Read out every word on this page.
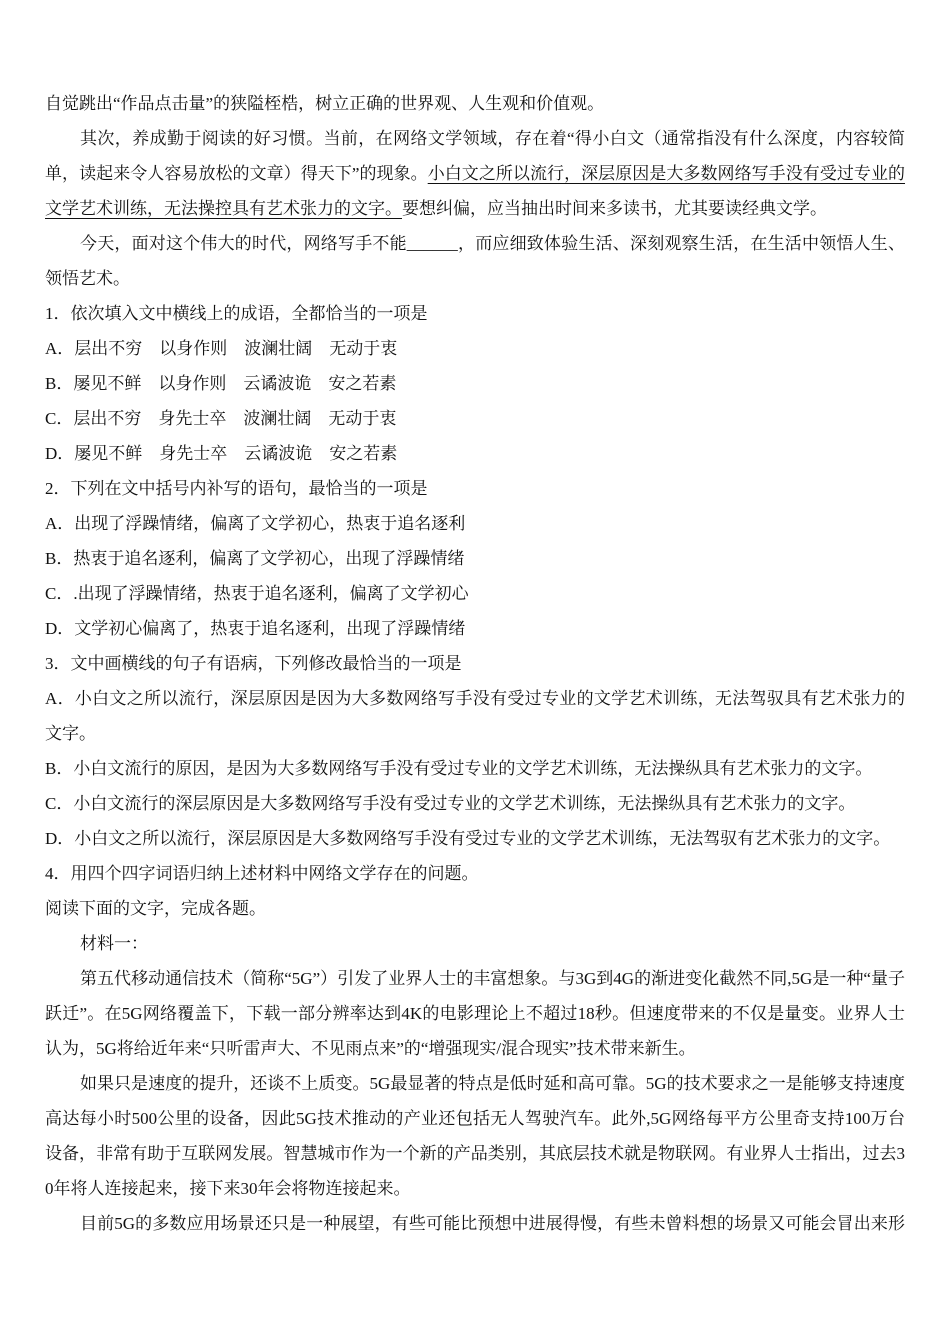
自觉跳出“作品点击量”的狭隘桎梏，树立正确的世界观、人生观和价值观。

其次，养成勤于阅读的好习惯。当前，在网络文学领域，存在着“得小白文（通常指没有什么深度，内容较简单，读起来令人容易放松的文章）得天下”的现象。小白文之所以流行，深层原因是大多数网络写手没有受过专业的文学艺术训练，无法操控具有艺术张力的文字。要想纠偏，应当抽出时间来多读书，尤其要读经典文学。

今天，面对这个伟大的时代，网络写手不能______，而应细致体验生活、深刻观察生活，在生活中领悟人生、领悟艺术。

1．依次填入文中横线上的成语，全都恰当的一项是

A．层出不穷　以身作则　波澜壮阔　无动于衷

B．屡见不鲜　以身作则　云谲波诡　安之若素

C．层出不穷　身先士卒　波澜壮阔　无动于衷

D．屡见不鲜　身先士卒　云谲波诡　安之若素

2．下列在文中括号内补写的语句，最恰当的一项是

A．出现了浮躁情绪，偏离了文学初心，热衷于追名逐利

B．热衷于追名逐利，偏离了文学初心，出现了浮躁情绪

C．.出现了浮躁情绪，热衷于追名逐利，偏离了文学初心

D．文学初心偏离了，热衷于追名逐利，出现了浮躁情绪

3．文中画横线的句子有语病，下列修改最恰当的一项是

A．小白文之所以流行，深层原因是因为大多数网络写手没有受过专业的文学艺术训练，无法驾驭具有艺术张力的文字。

B．小白文流行的原因，是因为大多数网络写手没有受过专业的文学艺术训练，无法操纵具有艺术张力的文字。

C．小白文流行的深层原因是大多数网络写手没有受过专业的文学艺术训练，无法操纵具有艺术张力的文字。

D．小白文之所以流行，深层原因是大多数网络写手没有受过专业的文学艺术训练，无法驾驭有艺术张力的文字。

4．用四个四字词语归纳上述材料中网络文学存在的问题。

阅读下面的文字，完成各题。

材料一：

第五代移动通信技术（简称“5G”）引发了业界人士的丰富想象。与3G到4G的渐进变化截然不同,5G是一种“量子跃迁”。在5G网络覆盖下，下载一部分辨率达到4K的电影理论上不超过18秒。但速度带来的不仅是量变。业界人士认为，5G将给近年来“只听雷声大、不见雨点来”的“增强现实/混合现实”技术带来新生。

如果只是速度的提升，还谈不上质变。5G最显著的特点是低时延和高可靠。5G的技术要求之一是能够支持速度高达每小时500公里的设备，因此5G技术推动的产业还包括无人驾驶汽车。此外,5G网络每平方公里奇支持100万台设备，非常有助于互联网发展。智慧城市作为一个新的产品类别，其底层技术就是物联网。有业界人士指出，过去30年将人连接起来，接下来30年会将物连接起来。

目前5G的多数应用场景还只是一种展望，有些可能比预想中进展得慢，有些未曾料想的场景又可能会冒出来形
